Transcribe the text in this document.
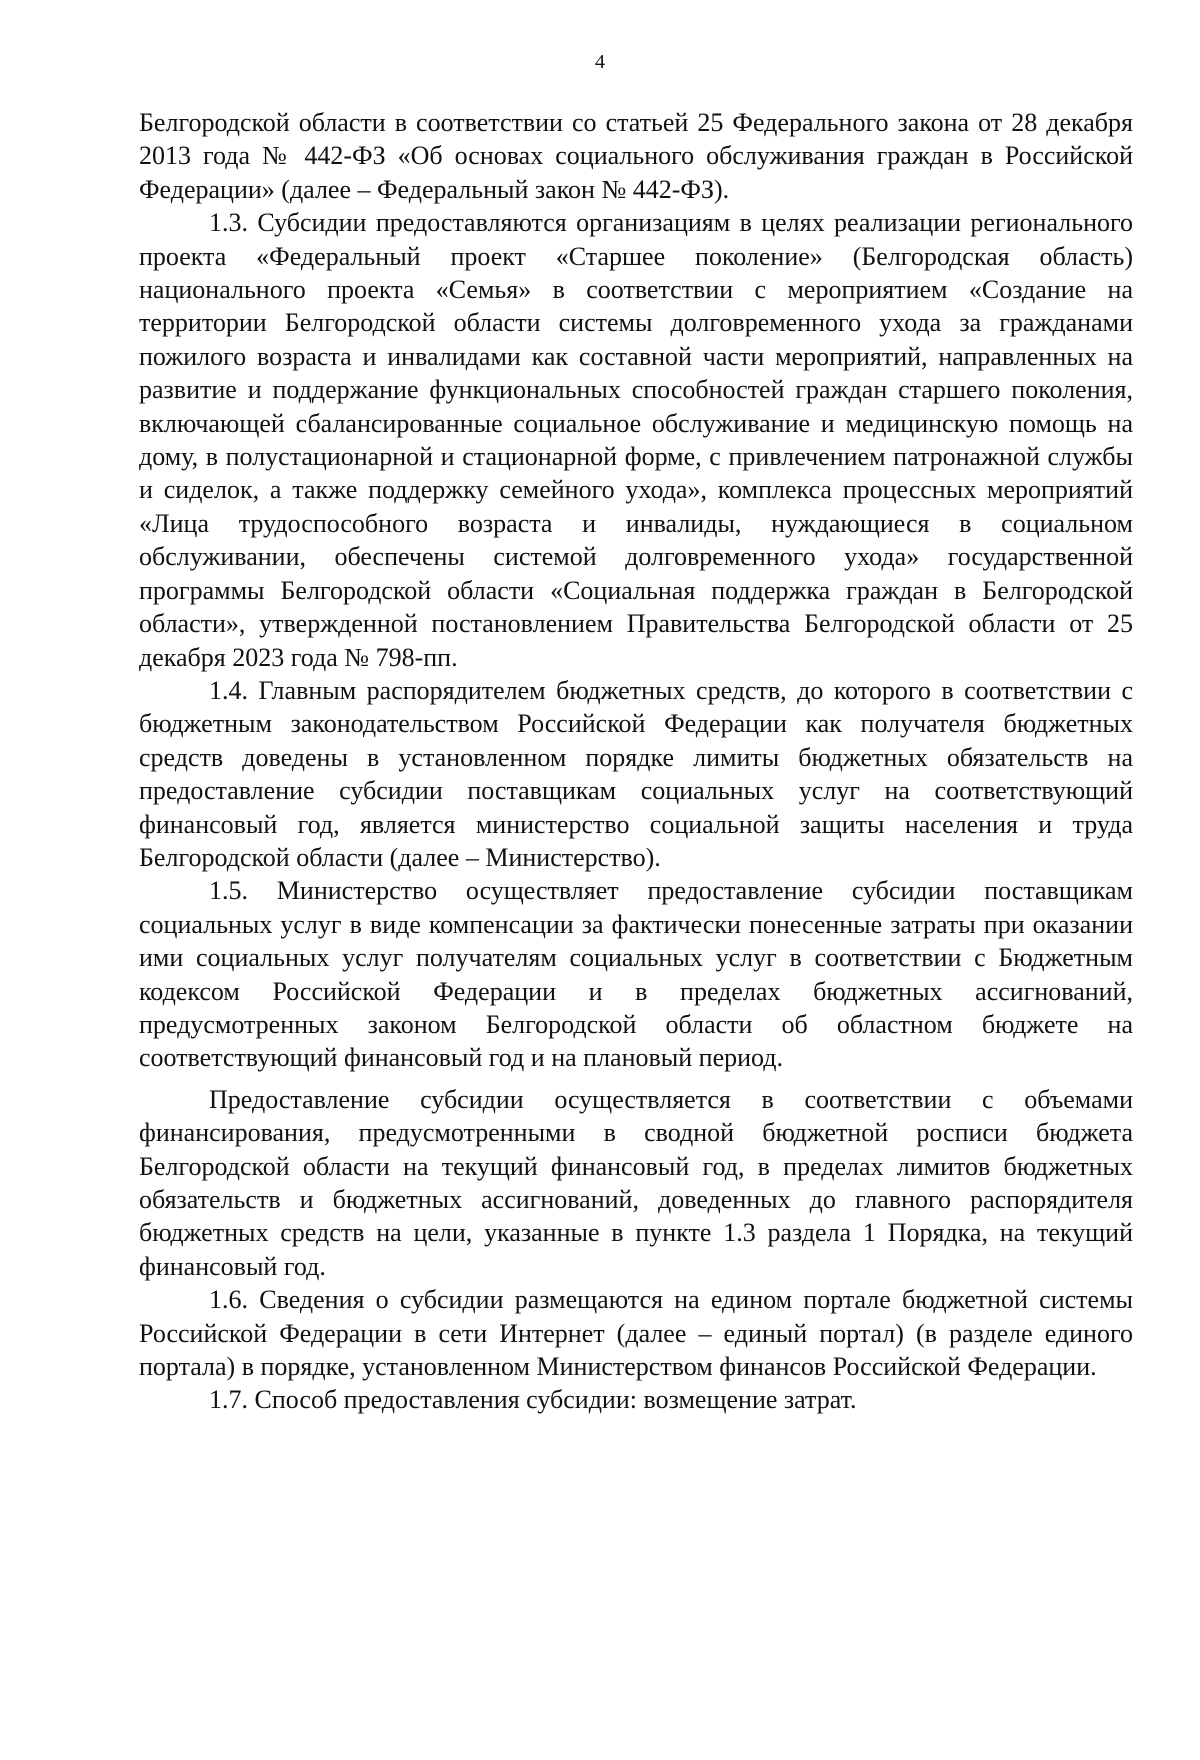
4

Белгородской области в соответствии со статьей 25 Федерального закона от 28 декабря 2013 года № 442-ФЗ «Об основах социального обслуживания граждан в Российской Федерации» (далее – Федеральный закон № 442-ФЗ).

1.3. Субсидии предоставляются организациям в целях реализации регионального проекта «Федеральный проект «Старшее поколение» (Белгородская область) национального проекта «Семья» в соответствии с мероприятием «Создание на территории Белгородской области системы долговременного ухода за гражданами пожилого возраста и инвалидами как составной части мероприятий, направленных на развитие и поддержание функциональных способностей граждан старшего поколения, включающей сбалансированные социальное обслуживание и медицинскую помощь на дому, в полустационарной и стационарной форме, с привлечением патронажной службы и сиделок, а также поддержку семейного ухода», комплекса процессных мероприятий «Лица трудоспособного возраста и инвалиды, нуждающиеся в социальном обслуживании, обеспечены системой долговременного ухода» государственной программы Белгородской области «Социальная поддержка граждан в Белгородской области», утвержденной постановлением Правительства Белгородской области от 25 декабря 2023 года № 798-пп.

1.4. Главным распорядителем бюджетных средств, до которого в соответствии с бюджетным законодательством Российской Федерации как получателя бюджетных средств доведены в установленном порядке лимиты бюджетных обязательств на предоставление субсидии поставщикам социальных услуг на соответствующий финансовый год, является министерство социальной защиты населения и труда Белгородской области (далее – Министерство).

1.5. Министерство осуществляет предоставление субсидии поставщикам социальных услуг в виде компенсации за фактически понесенные затраты при оказании ими социальных услуг получателям социальных услуг в соответствии с Бюджетным кодексом Российской Федерации и в пределах бюджетных ассигнований, предусмотренных законом Белгородской области об областном бюджете на соответствующий финансовый год и на плановый период.

Предоставление субсидии осуществляется в соответствии с объемами финансирования, предусмотренными в сводной бюджетной росписи бюджета Белгородской области на текущий финансовый год, в пределах лимитов бюджетных обязательств и бюджетных ассигнований, доведенных до главного распорядителя бюджетных средств на цели, указанные в пункте 1.3 раздела 1 Порядка, на текущий финансовый год.

1.6. Сведения о субсидии размещаются на едином портале бюджетной системы Российской Федерации в сети Интернет (далее – единый портал) (в разделе единого портала) в порядке, установленном Министерством финансов Российской Федерации.

1.7. Способ предоставления субсидии: возмещение затрат.
